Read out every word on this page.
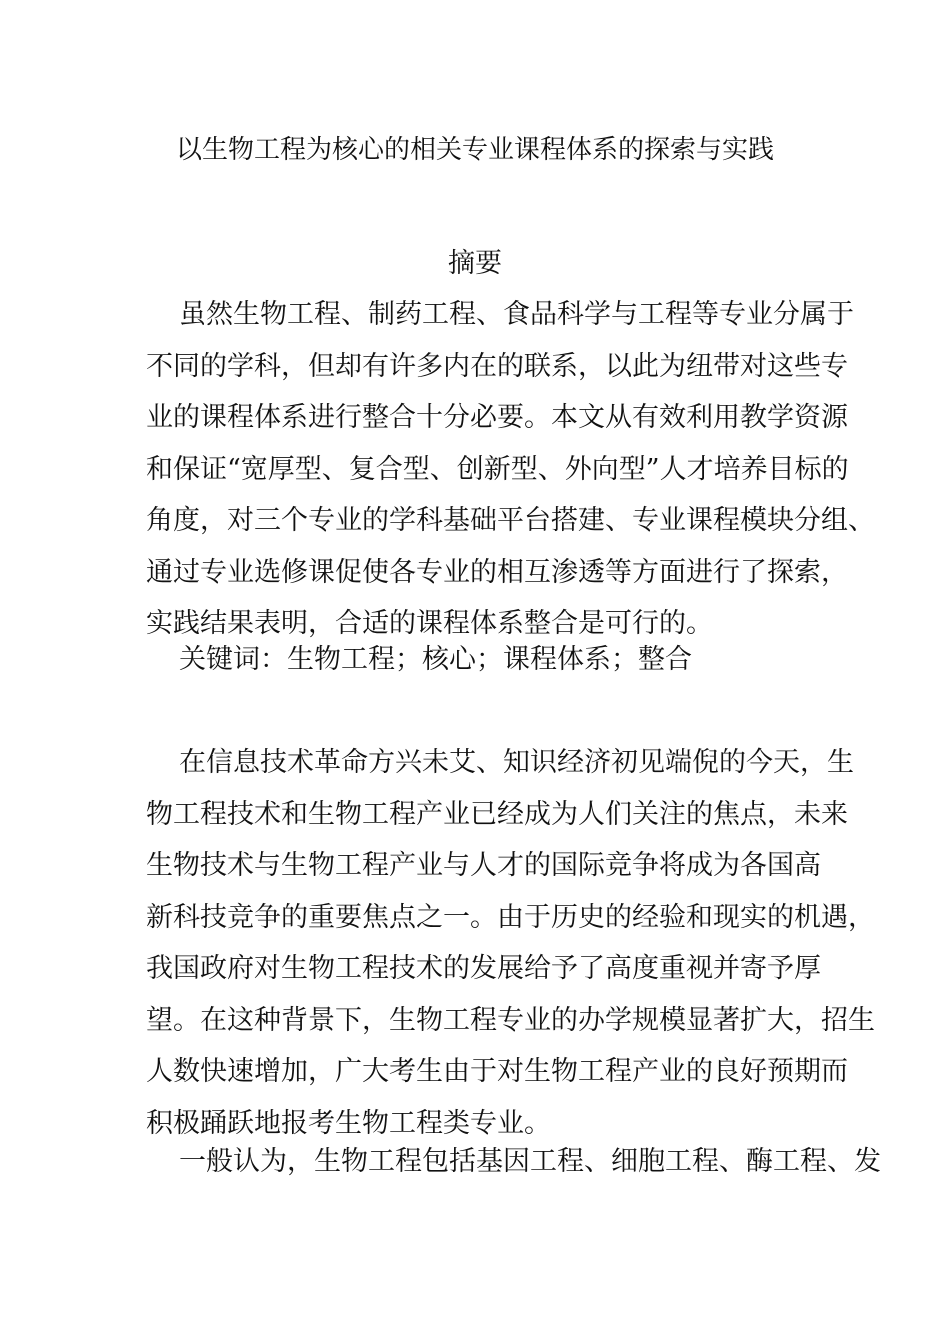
以生物工程为核心的相关专业课程体系的探索与实践
摘要
虽然生物工程、制药工程、食品科学与工程等专业分属于
不同的学科，但却有许多内在的联系，以此为纽带对这些专
业的课程体系进行整合十分必要。本文从有效利用教学资源
和保证“宽厚型、复合型、创新型、外向型”人才培养目标的
角度，对三个专业的学科基础平台搭建、专业课程模块分组、
通过专业选修课促使各专业的相互渗透等方面进行了探索，
实践结果表明，合适的课程体系整合是可行的。

关键词：生物工程；核心；课程体系；整合

在信息技术革命方兴未艾、知识经济初见端倪的今天，生
物工程技术和生物工程产业已经成为人们关注的焦点，未来
生物技术与生物工程产业与人才的国际竞争将成为各国高
新科技竞争的重要焦点之一。由于历史的经验和现实的机遇，
我国政府对生物工程技术的发展给予了高度重视并寄予厚
望。在这种背景下，生物工程专业的办学规模显著扩大，招生
人数快速增加，广大考生由于对生物工程产业的良好预期而
积极踊跃地报考生物工程类专业。
一般认为，生物工程包括基因工程、细胞工程、酶工程、发
